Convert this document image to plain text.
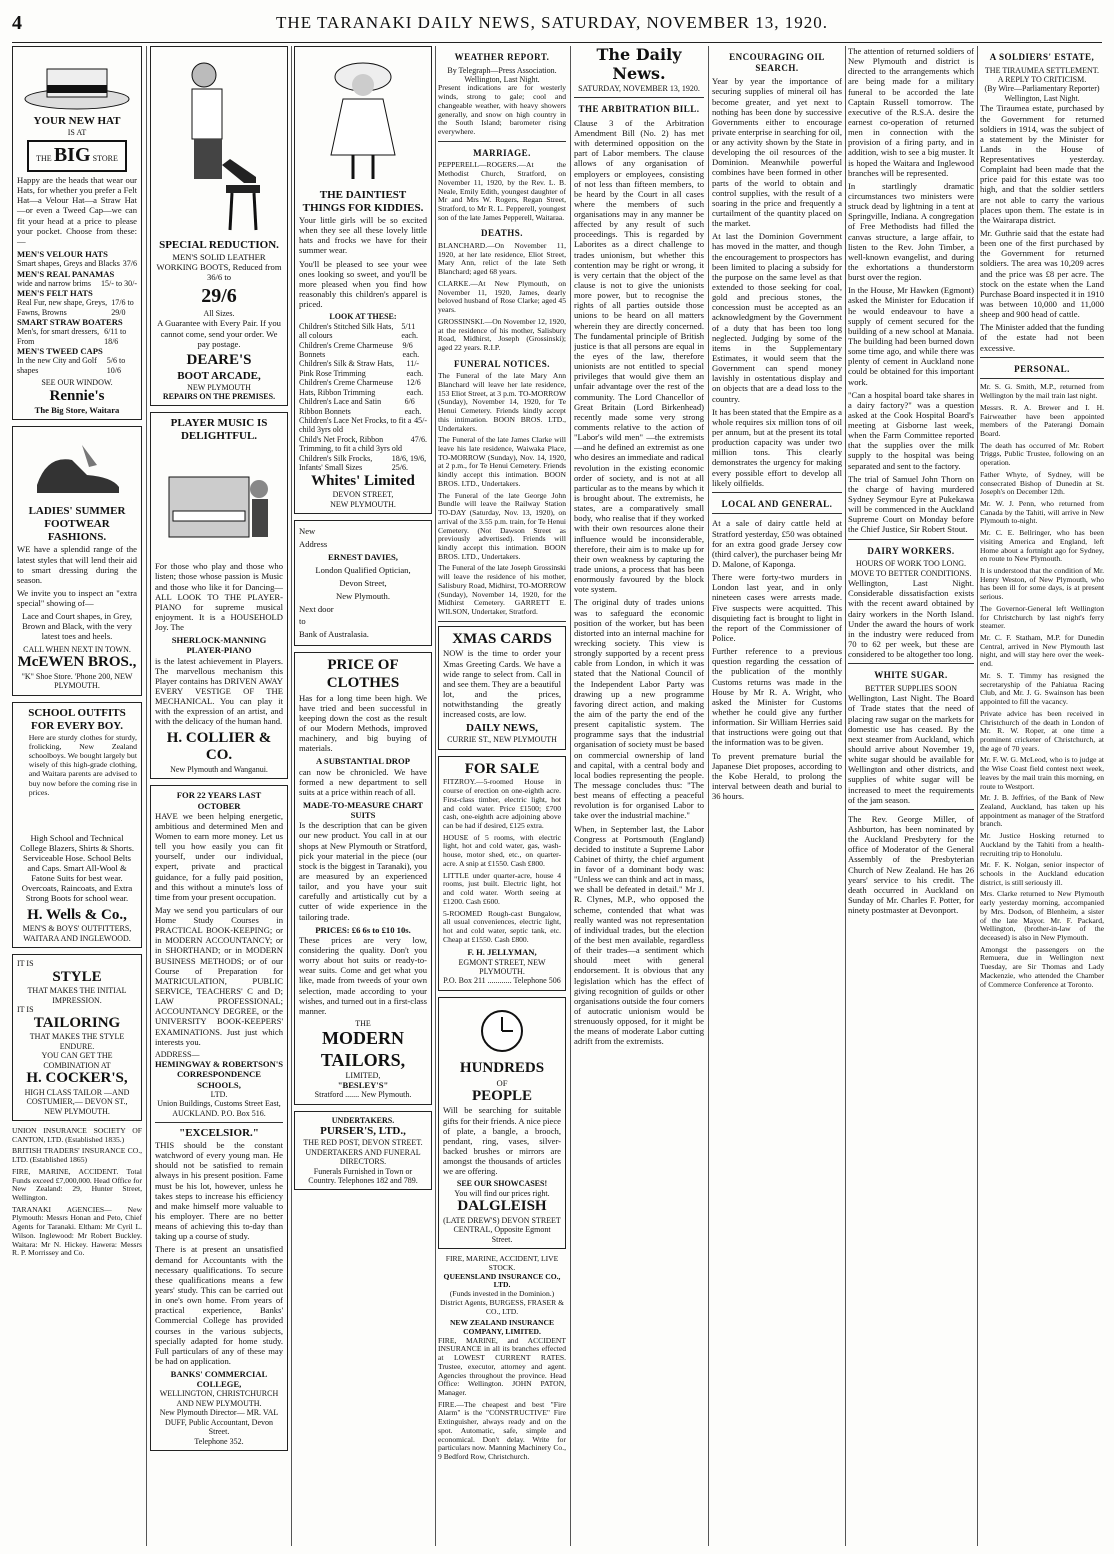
4	THE TARANAKI DAILY NEWS, SATURDAY, NOVEMBER 13, 1920.
YOUR NEW HAT
IS AT
THE BIG STORE

Happy are the heads that wear our Hats, for whether you prefer a Felt Hat—a Velour Hat—a Straw Hat—or even a Tweed Cap—we can fit your head at a price to please your pocket. Choose from these:—

MEN'S VELOUR HATS
Smart shapes, Greys and Blacks 37/6
MEN'S REAL PANAMAS
wide and narrow brims 15/- to 30/-
MEN'S FELT HATS
Real Fur, new shape, Greys, Fawns, Browns
17/6 to 29/0
SMART STRAW BOATERS
Men's, for smart dressers, From
6/11 to 18/6
MEN'S TWEED CAPS
In the new City and Golf shapes
5/6 to 10/6
SEE OUR WINDOW.
Rennie's
The Big Store, Waitara
LADIES' SUMMER FOOTWEAR FASHIONS.

WE have a splendid range of the latest styles that will lend their aid to smart dressing during the season.

We invite you to inspect an "extra special" showing of—

Lace and Court shapes, in Grey, Brown and Black, with the very latest toes and heels.

CALL WHEN NEXT IN TOWN.
McEWEN BROS.,
"K" Shoe Store. 'Phone 200, NEW PLYMOUTH.
SCHOOL OUTFITS FOR EVERY BOY.

Here are sturdy clothes for sturdy, frolicking, New Zealand schoolboys. We bought largely but wisely of this high-grade clothing, and Waitara parents are advised to buy now before the coming rise in prices.

High School and Technical College Blazers, Shirts & Shorts. Serviceable Hose. School Belts and Caps. Smart All-Wool & Fatone Suits for best wear. Overcoats, Raincoats, and Extra Strong Boots for school wear.

H. Wells & Co.,
MEN'S & BOYS' OUTFITTERS, WAITARA AND INGLEWOOD.
IT IS
STYLE
THAT MAKES THE INITIAL IMPRESSION.
IT IS
TAILORING
THAT MAKES THE STYLE ENDURE.
YOU CAN GET THE COMBINATION AT
H. COCKER'S,
HIGH CLASS TAILOR —AND COSTUMIER,— DEVON ST., NEW PLYMOUTH.

UNION INSURANCE SOCIETY OF CANTON, LTD. (Established 1835.)

BRITISH TRADERS' INSURANCE CO., LTD. (Established 1865)

FIRE, MARINE, ACCIDENT. Total Funds exceed £7,000,000. Head Office for New Zealand: 29, Hunter Street, Wellington.

TARANAKI AGENCIES— New Plymouth: Messrs Honan and Peto, Chief Agents for Taranaki. Eltham: Mr Cyril L. Wilson. Inglewood: Mr Robert Buckley. Waitara: Mr N. Hickey. Hawera: Messrs R. P. Morrissey and Co.

SPECIAL REDUCTION.

MEN'S SOLID LEATHER WORKING BOOTS, Reduced from 36/6 to

29/6
All Sizes.

A Guarantee with Every Pair. If you cannot come, send your order. We pay postage.

DEARE'S
BOOT ARCADE,
NEW PLYMOUTH
REPAIRS ON THE PREMISES.
PLAYER MUSIC IS DELIGHTFUL.

For those who play and those who listen; those whose passion is Music and those who like it for Dancing—ALL LOOK TO THE PLAYER-PIANO for supreme musical enjoyment. It is a HOUSEHOLD Joy. The

SHERLOCK-MANNING PLAYER-PIANO

is the latest achievement in Players. The marvellous mechanism this Player contains has DRIVEN AWAY EVERY VESTIGE OF THE MECHANICAL. You can play it with the expression of an artist, and with the delicacy of the human hand.

H. COLLIER & CO.
New Plymouth and Wanganui.
FOR 22 YEARS LAST OCTOBER

HAVE we been helping energetic, ambitious and determined Men and Women to earn more money. Let us tell you how easily you can fit yourself, under our individual, expert, private and practical guidance, for a fully paid position, and this without a minute's loss of time from your present occupation.

May we send you particulars of our Home Study Courses in PRACTICAL BOOK-KEEPING; or in MODERN ACCOUNTANCY; or in SHORTHAND; or in MODERN BUSINESS METHODS; or of our Course of Preparation for MATRICULATION, PUBLIC SERVICE, TEACHERS' C and D; LAW PROFESSIONAL; ACCOUNTANCY DEGREE, or the UNIVERSITY BOOK-KEEPERS' EXAMINATIONS. Just just which interests you.

ADDRESS—
HEMINGWAY & ROBERTSON'S CORRESPONDENCE SCHOOLS,
LTD.
Union Buildings, Customs Street East, AUCKLAND. P.O. Box 516.
"EXCELSIOR."

THIS should be the constant watchword of every young man. He should not be satisfied to remain always in his present position. Fame must be his lot, however, unless he takes steps to increase his efficiency and make himself more valuable to his employer. There are no better means of achieving this to-day than taking up a course of study.

There is at present an unsatisfied demand for Accountants with the necessary qualifications. To secure these qualifications means a few years' study. This can be carried out in one's own home. From years of practical experience, Banks' Commercial College has provided courses in the various subjects, specially adapted for home study. Full particulars of any of these may be had on application.

BANKS' COMMERCIAL COLLEGE,
WELLINGTON, CHRISTCHURCH AND NEW PLYMOUTH.
New Plymouth Director— MR. VAL DUFF, Public Accountant, Devon Street.
Telephone 352.
THE DAINTIEST THINGS FOR KIDDIES.

Your little girls will be so excited when they see all these lovely little hats and frocks we have for their summer wear.

You'll be pleased to see your wee ones looking so sweet, and you'll be more pleased when you find how reasonably this children's apparel is priced.

LOOK AT THESE:
Children's Stitched Silk Hats, all colours
5/11 each.
Children's Creme Charmeuse Bonnets
9/6 each.
Children's Silk & Straw Hats, Pink Rose Trimming
11/- each.
Children's Creme Charmeuse Hats, Ribbon Trimming
12/6 each.
Children's Lace and Satin Ribbon Bonnets
6/6 each.
Children's Lace Net Frocks, to fit a child 3yrs old
45/-
Child's Net Frock, Ribbon Trimming, to fit a child 3yrs old
47/6.
Children's Silk Frocks, Infants' Small Sizes
18/6, 19/6, 25/6.
Whites' Limited
DEVON STREET,
NEW PLYMOUTH.
New
Address
ERNEST DAVIES,
London Qualified Optician,
Devon Street,
New Plymouth.
Next door
to
Bank of Australasia.
PRICE OF CLOTHES

Has for a long time been high. We have tried and been successful in keeping down the cost as the result of our Modern Methods, improved machinery, and big buying of materials.

A SUBSTANTIAL DROP

can now be chronicled. We have formed a new department to sell suits at a price within reach of all.

MADE-TO-MEASURE CHART SUITS

Is the description that can be given our new product. You call in at our shops at New Plymouth or Stratford, pick your material in the piece (our stock is the biggest in Taranaki), you are measured by an experienced tailor, and you have your suit carefully and artistically cut by a cutter of wide experience in the tailoring trade.

PRICES: £6 6s to £10 10s.

These prices are very low, considering the quality. Don't you worry about hot suits or ready-to-wear suits. Come and get what you like, made from tweeds of your own selection, made according to your wishes, and turned out in a first-class manner.

THE
MODERN TAILORS,
LIMITED,
"BESLEY'S"
Stratford ....... New Plymouth.
UNDERTAKERS.
PURSER'S, LTD.,
THE RED POST, DEVON STREET.
UNDERTAKERS AND FUNERAL DIRECTORS.
Funerals Furnished in Town or Country. Telephones 182 and 789.
WEATHER REPORT.
By Telegraph—Press Association.
Wellington, Last Night.

Present indications are for westerly winds, strong to gale; cool and changeable weather, with heavy showers generally, and snow on high country in the South Island; barometer rising everywhere.

MARRIAGE.

PEPPERELL—ROGERS.—At the Methodist Church, Stratford, on November 11, 1920, by the Rev. L. B. Neale, Emily Edith, youngest daughter of Mr and Mrs W. Rogers, Regan Street, Stratford, to Mr R. L. Pepperell, youngest son of the late James Pepperell, Waitaraa.

DEATHS.

BLANCHARD.—On November 11, 1920, at her late residence, Eliot Street, Mary Ann, relict of the late Seth Blanchard; aged 68 years.

CLARKE.—At New Plymouth, on November 11, 1920, James, dearly beloved husband of Rose Clarke; aged 45 years.

GROSSINSKI.—On November 12, 1920, at the residence of his mother, Salisbury Road, Midhirst, Joseph (Grossinski); aged 22 years. R.I.P.

FUNERAL NOTICES.

The Funeral of the late Mary Ann Blanchard will leave her late residence, 153 Eliot Street, at 3 p.m. TO-MORROW (Sunday), November 14, 1920, for Te Henui Cemetery. Friends kindly accept this intimation. BOON BROS. LTD., Undertakers.

The Funeral of the late James Clarke will leave his late residence, Waiwaka Place, TO-MORROW (Sunday), Nov. 14, 1920, at 2 p.m., for Te Henui Cemetery. Friends kindly accept this intimation. BOON BROS. LTD., Undertakers.

The Funeral of the late George John Bundle will leave the Railway Station TO-DAY (Saturday, Nov. 13, 1920), on arrival of the 3.55 p.m. train, for Te Henui Cemetery. (Not Dawson Street as previously advertised). Friends will kindly accept this intimation. BOON BROS. LTD., Undertakers.

The Funeral of the late Joseph Grossinski will leave the residence of his mother, Salisbury Road, Midhirst, TO-MORROW (Sunday), November 14, 1920, for the Midhirst Cemetery. GARRETT E. WILSON, Undertaker, Stratford.

XMAS CARDS

NOW is the time to order your Xmas Greeting Cards. We have a wide range to select from. Call in and see them. They are a beautiful lot, and the prices, notwithstanding the greatly increased costs, are low.

DAILY NEWS,
CURRIE ST., NEW PLYMOUTH
FOR SALE

FITZROY.—5-roomed House in course of erection on one-eighth acre. First-class timber, electric light, hot and cold water. Price £1500; £700 cash, one-eighth acre adjoining above can be had if desired, £125 extra.

HOUSE of 5 rooms, with electric light, hot and cold water, gas, wash-house, motor shed, etc., on quarter-acre. A snip at £1550. Cash £800.

LITTLE under quarter-acre, house 4 rooms, just built. Electric light, hot and cold water. Worth seeing at £1200. Cash £600.

5-ROOMED Rough-cast Bungalow, all usual conveniences, electric light, hot and cold water, septic tank, etc. Cheap at £1550. Cash £800.

F. H. JELLYMAN,
EGMONT STREET, NEW PLYMOUTH.
P.O. Box 211 ............ Telephone 506
HUNDREDS
OF
PEOPLE

Will be searching for suitable gifts for their friends. A nice piece of plate, a bangle, a brooch, pendant, ring, vases, silver-backed brushes or mirrors are amongst the thousands of articles we are offering.

SEE OUR SHOWCASES!
You will find our prices right.
DALGLEISH
(LATE DREW'S) DEVON STREET CENTRAL, Opposite Egmont Street.
FIRE, MARINE, ACCIDENT, LIVE STOCK.
QUEENSLAND INSURANCE CO., LTD.

(Funds invested in the Dominion.) District Agents, BURGESS, FRASER & CO., LTD.

NEW ZEALAND INSURANCE COMPANY, LIMITED.

FIRE, MARINE, and ACCIDENT INSURANCE in all its branches effected at LOWEST CURRENT RATES. Trustee, executor, attorney and agent. Agencies throughout the province. Head Office: Wellington. JOHN PATON, Manager.

FIRE.—The cheapest and best "Fire Alarm" is the "CONSTRUCTIVE" Fire Extinguisher, always ready and on the spot. Automatic, safe, simple and economical. Don't delay. Write for particulars now. Manning Machinery Co., 9 Bedford Row, Christchurch.

The Daily News.
SATURDAY, NOVEMBER 13, 1920.
THE ARBITRATION BILL.

Clause 3 of the Arbitration Amendment Bill (No. 2) has met with determined opposition on the part of Labor members. The clause allows of any organisation of employers or employees, consisting of not less than fifteen members, to be heard by the Court in all cases where the members of such organisations may in any manner be affected by any result of such proceedings. This is regarded by Laborites as a direct challenge to trades unionism, but whether this contention may be right or wrong, it is very certain that the object of the clause is not to give the unionists more power, but to recognise the rights of all parties outside those unions to be heard on all matters wherein they are directly concerned. The fundamental principle of British justice is that all persons are equal in the eyes of the law, therefore unionists are not entitled to special privileges that would give them an unfair advantage over the rest of the community. The Lord Chancellor of Great Britain (Lord Birkenhead) recently made some very strong comments relative to the action of "Labor's wild men" —the extremists—and he defined an extremist as one who desires an immediate and radical revolution in the existing economic order of society, and is not at all particular as to the means by which it is brought about. The extremists, he states, are a comparatively small body, who realise that if they worked with their own resources alone their influence would be inconsiderable, therefore, their aim is to make up for their own weakness by capturing the trade unions, a process that has been enormously favoured by the block vote system.

The original duty of trades unions was to safeguard the economic position of the worker, but has been distorted into an internal machine for wrecking society. This view is strongly supported by a recent press cable from London, in which it was stated that the National Council of the Independent Labor Party was drawing up a new programme favoring direct action, and making the aim of the party the end of the present capitalistic system. The programme says that the industrial organisation of society must be based on commercial ownership of land and capital, with a central body and local bodies representing the people. The message concludes thus: "The best means of effecting a peaceful revolution is for organised Labor to take over the industrial machine."

When, in September last, the Labor Congress at Portsmouth (England) decided to institute a Supreme Labor Cabinet of thirty, the chief argument in favor of a dominant body was: "Unless we can think and act in mass, we shall be defeated in detail." Mr J. R. Clynes, M.P., who opposed the scheme, contended that what was really wanted was not representation of individual trades, but the election of the best men available, regardless of their trades—a sentiment which should meet with general endorsement. It is obvious that any legislation which has the effect of giving recognition of guilds or other organisations outside the four corners of autocratic unionism would be strenuously opposed, for it might be the means of moderate Labor cutting adrift from the extremists.

ENCOURAGING OIL SEARCH.

Year by year the importance of securing supplies of mineral oil has become greater, and yet next to nothing has been done by successive Governments either to encourage private enterprise in searching for oil, or any activity shown by the State in developing the oil resources of the Dominion. Meanwhile powerful combines have been formed in other parts of the world to obtain and control supplies, with the result of a soaring in the price and frequently a curtailment of the quantity placed on the market.

At last the Dominion Government has moved in the matter, and though the encouragement to prospectors has been limited to placing a subsidy for the purpose on the same level as that extended to those seeking for coal, gold and precious stones, the concession must be accepted as an acknowledgment by the Government of a duty that has been too long neglected. Judging by some of the items in the Supplementary Estimates, it would seem that the Government can spend money lavishly in ostentatious display and on objects that are a dead loss to the country.

It has been stated that the Empire as a whole requires six million tons of oil per annum, but at the present its total production capacity was under two million tons. This clearly demonstrates the urgency for making every possible effort to develop all likely oilfields.

LOCAL AND GENERAL.

At a sale of dairy cattle held at Stratford yesterday, £50 was obtained for an extra good grade Jersey cow (third calver), the purchaser being Mr D. Malone, of Kaponga.

There were forty-two murders in London last year, and in only nineteen cases were arrests made. Five suspects were acquitted. This disquieting fact is brought to light in the report of the Commissioner of Police.

Further reference to a previous question regarding the cessation of the publication of the monthly Customs returns was made in the House by Mr R. A. Wright, who asked the Minister for Customs whether he could give any further information. Sir William Herries said that instructions were going out that the information was to be given.

To prevent premature burial the Japanese Diet proposes, according to the Kobe Herald, to prolong the interval between death and burial to 36 hours.

The attention of returned soldiers of New Plymouth and district is directed to the arrangements which are being made for a military funeral to be accorded the late Captain Russell tomorrow. The executive of the R.S.A. desire the earnest co-operation of returned men in connection with the provision of a firing party, and in addition, wish to see a big muster. It is hoped the Waitara and Inglewood branches will be represented.

In startlingly dramatic circumstances two ministers were struck dead by lightning in a tent at Springville, Indiana. A congregation of Free Methodists had filled the canvas structure, a large affair, to listen to the Rev. John Timber, a well-known evangelist, and during the exhortations a thunderstorm burst over the region.

In the House, Mr Hawken (Egmont) asked the Minister for Education if he would endeavour to have a supply of cement secured for the building of a new school at Manaia. The building had been burned down some time ago, and while there was plenty of cement in Auckland none could be obtained for this important work.

"Can a hospital board take shares in a dairy factory?" was a question asked at the Cook Hospital Board's meeting at Gisborne last week, when the Farm Committee reported that the supplies over the milk supply to the hospital was being separated and sent to the factory.

The trial of Samuel John Thorn on the charge of having murdered Sydney Seymour Eyre at Pukekawa will be commenced in the Auckland Supreme Court on Monday before the Chief Justice, Sir Robert Stout.

DAIRY WORKERS.
HOURS OF WORK TOO LONG.
MOVE TO BETTER CONDITIONS.

Wellington, Last Night. Considerable dissatisfaction exists with the recent award obtained by dairy workers in the North Island. Under the award the hours of work in the industry were reduced from 70 to 62 per week, but these are considered to be altogether too long.

WHITE SUGAR.
BETTER SUPPLIES SOON

Wellington, Last Night. The Board of Trade states that the need of placing raw sugar on the markets for domestic use has ceased. By the next steamer from Auckland, which should arrive about November 19, white sugar should be available for Wellington and other districts, and supplies of white sugar will be increased to meet the requirements of the jam season.

The Rev. George Miller, of Ashburton, has been nominated by the Auckland Presbytery for the office of Moderator of the General Assembly of the Presbyterian Church of New Zealand. He has 26 years' service to his credit. The death occurred in Auckland on Sunday of Mr. Charles F. Potter, for ninety postmaster at Devonport.

A SOLDIERS' ESTATE,
THE TIRAUMEA SETTLEMENT.
A REPLY TO CRITICISM.
(By Wire—Parliamentary Reporter) Wellington, Last Night.

The Tiraumea estate, purchased by the Government for returned soldiers in 1914, was the subject of a statement by the Minister for Lands in the House of Representatives yesterday. Complaint had been made that the price paid for this estate was too high, and that the soldier settlers are not able to carry the various places upon them. The estate is in the Wairarapa district.

Mr. Guthrie said that the estate had been one of the first purchased by the Government for returned soldiers. The area was 10,209 acres and the price was £8 per acre. The stock on the estate when the Land Purchase Board inspected it in 1910 was between 10,000 and 11,000 sheep and 900 head of cattle.

The Minister added that the funding of the estate had not been excessive.

PERSONAL.

Mr. S. G. Smith, M.P., returned from Wellington by the mail train last night.

Messrs. R. A. Brewer and I. H. Fairweather have been appointed members of the Paterangi Domain Board.

The death has occurred of Mr. Robert Triggs, Public Trustee, following on an operation.

Father Whyte, of Sydney, will be consecrated Bishop of Dunedin at St. Joseph's on December 12th.

Mr. W. J. Penn, who returned from Canada by the Tahiti, will arrive in New Plymouth to-night.

Mr. C. E. Bellringer, who has been visiting America and England, left Home about a fortnight ago for Sydney, en route to New Plymouth.

It is understood that the condition of Mr. Henry Weston, of New Plymouth, who has been ill for some days, is at present serious.

The Governor-General left Wellington for Christchurch by last night's ferry steamer.

Mr. C. F. Statham, M.P. for Dunedin Central, arrived in New Plymouth last night, and will stay here over the week-end.

Mr. S. T. Timmy has resigned the secretaryship of the Pahiatua Racing Club, and Mr. J. G. Swainson has been appointed to fill the vacancy.

Private advice has been received in Christchurch of the death in London of Mr. R. W. Roper, at one time a prominent cricketer of Christchurch, at the age of 70 years.

Mr. F. W. G. McLeod, who is to judge at the Wise Coast field contest next week, leaves by the mail train this morning, en route to Westport.

Mr. J. B. Jeffries, of the Bank of New Zealand, Auckland, has taken up his appointment as manager of the Stratford branch.

Mr. Justice Hosking returned to Auckland by the Tahiti from a health-recruiting trip to Honolulu.

Mr. F. K. Nolgan, senior inspector of schools in the Auckland education district, is still seriously ill.

Mrs. Clarke returned to New Plymouth early yesterday morning, accompanied by Mrs. Dodson, of Blenheim, a sister of the late Mayor. Mr. F. Packard, Wellington, (brother-in-law of the deceased) is also in New Plymouth.

Amongst the passengers on the Remuera, due in Wellington next Tuesday, are Sir Thomas and Lady Mackenzie, who attended the Chamber of Commerce Conference at Toronto.
